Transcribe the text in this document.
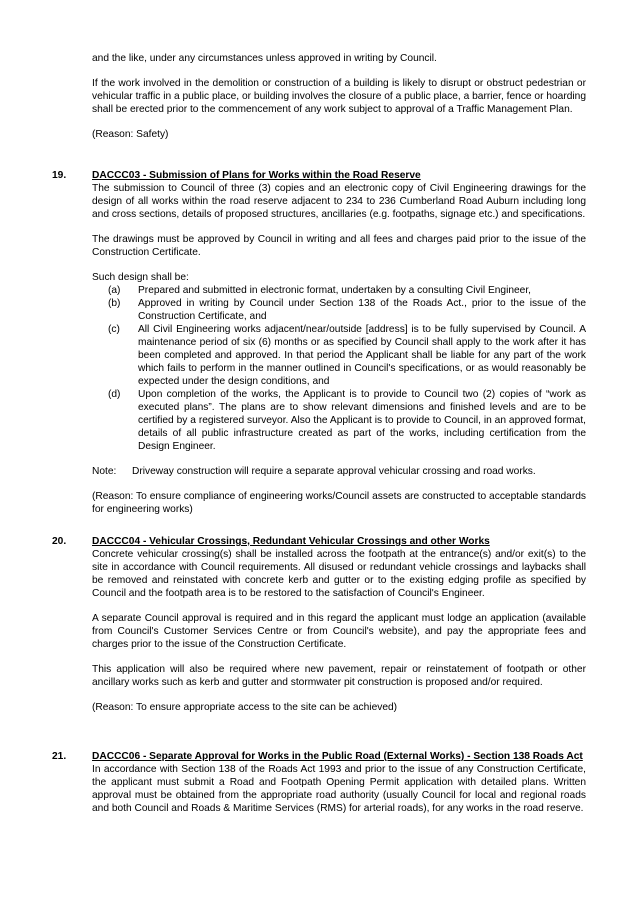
and the like, under any circumstances unless approved in writing by Council.

If the work involved in the demolition or construction of a building is likely to disrupt or obstruct pedestrian or vehicular traffic in a public place, or building involves the closure of a public place, a barrier, fence or hoarding shall be erected prior to the commencement of any work subject to approval of a Traffic Management Plan.

(Reason: Safety)

19.	DACCC03 - Submission of Plans for Works within the Road Reserve

The submission to Council of three (3) copies and an electronic copy of Civil Engineering drawings for the design of all works within the road reserve adjacent to 234 to 236 Cumberland Road Auburn including long and cross sections, details of proposed structures, ancillaries (e.g. footpaths, signage etc.) and specifications.

The drawings must be approved by Council in writing and all fees and charges paid prior to the issue of the Construction Certificate.

Such design shall be:

(a) Prepared and submitted in electronic format, undertaken by a consulting Civil Engineer,
(b) Approved in writing by Council under Section 138 of the Roads Act., prior to the issue of the Construction Certificate, and
(c) All Civil Engineering works adjacent/near/outside [address] is to be fully supervised by Council. A maintenance period of six (6) months or as specified by Council shall apply to the work after it has been completed and approved. In that period the Applicant shall be liable for any part of the work which fails to perform in the manner outlined in Council's specifications, or as would reasonably be expected under the design conditions, and
(d) Upon completion of the works, the Applicant is to provide to Council two (2) copies of “work as executed plans”. The plans are to show relevant dimensions and finished levels and are to be certified by a registered surveyor. Also the Applicant is to provide to Council, in an approved format, details of all public infrastructure created as part of the works, including certification from the Design Engineer.
Note: Driveway construction will require a separate approval vehicular crossing and road works.

(Reason: To ensure compliance of engineering works/Council assets are constructed to acceptable standards for engineering works)

20.	DACCC04 - Vehicular Crossings, Redundant Vehicular Crossings and other Works

Concrete vehicular crossing(s) shall be installed across the footpath at the entrance(s) and/or exit(s) to the site in accordance with Council requirements. All disused or redundant vehicle crossings and laybacks shall be removed and reinstated with concrete kerb and gutter or to the existing edging profile as specified by Council and the footpath area is to be restored to the satisfaction of Council's Engineer.

A separate Council approval is required and in this regard the applicant must lodge an application (available from Council's Customer Services Centre or from Council's website), and pay the appropriate fees and charges prior to the issue of the Construction Certificate.

This application will also be required where new pavement, repair or reinstatement of footpath or other ancillary works such as kerb and gutter and stormwater pit construction is proposed and/or required.

(Reason: To ensure appropriate access to the site can be achieved)

21.	DACCC06 - Separate Approval for Works in the Public Road (External Works) - Section 138 Roads Act

In accordance with Section 138 of the Roads Act 1993 and prior to the issue of any Construction Certificate, the applicant must submit a Road and Footpath Opening Permit application with detailed plans. Written approval must be obtained from the appropriate road authority (usually Council for local and regional roads and both Council and Roads & Maritime Services (RMS) for arterial roads), for any works in the road reserve.
